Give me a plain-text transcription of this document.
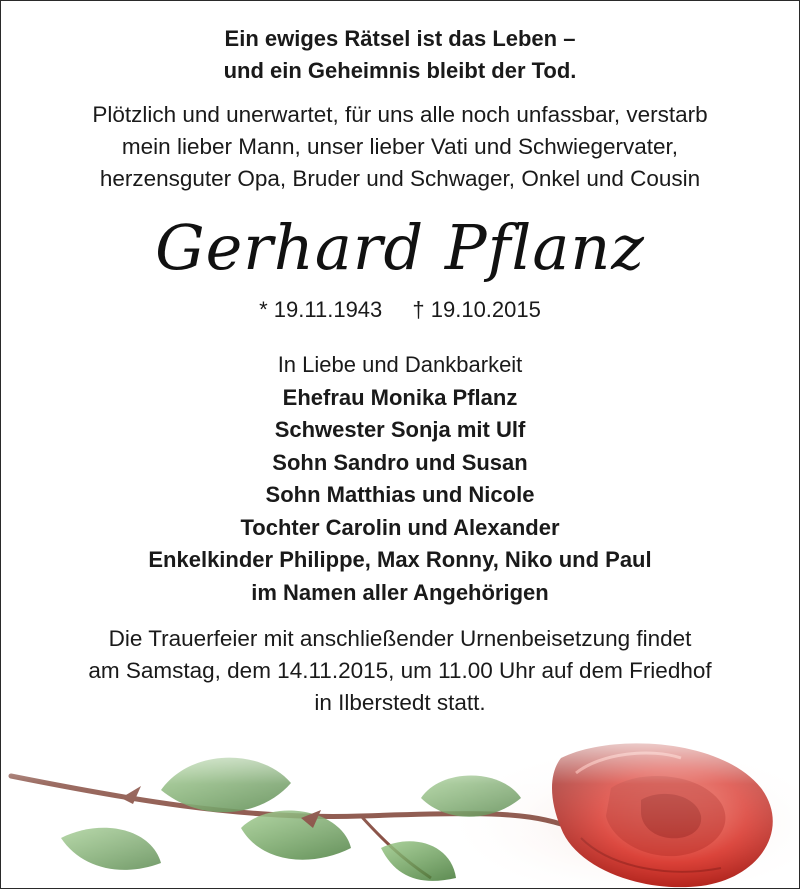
Ein ewiges Rätsel ist das Leben –
und ein Geheimnis bleibt der Tod.
Plötzlich und unerwartet, für uns alle noch unfassbar, verstarb
mein lieber Mann, unser lieber Vati und Schwiegervater,
herzensguter Opa, Bruder und Schwager, Onkel und Cousin
Gerhard Pflanz
* 19.11.1943 † 19.10.2015
In Liebe und Dankbarkeit
Ehefrau Monika Pflanz
Schwester Sonja mit Ulf
Sohn Sandro und Susan
Sohn Matthias und Nicole
Tochter Carolin und Alexander
Enkelkinder Philippe, Max Ronny, Niko und Paul
im Namen aller Angehörigen
Die Trauerfeier mit anschließender Urnenbeisetzung findet
am Samstag, dem 14.11.2015, um 11.00 Uhr auf dem Friedhof
in Ilberstedt statt.
